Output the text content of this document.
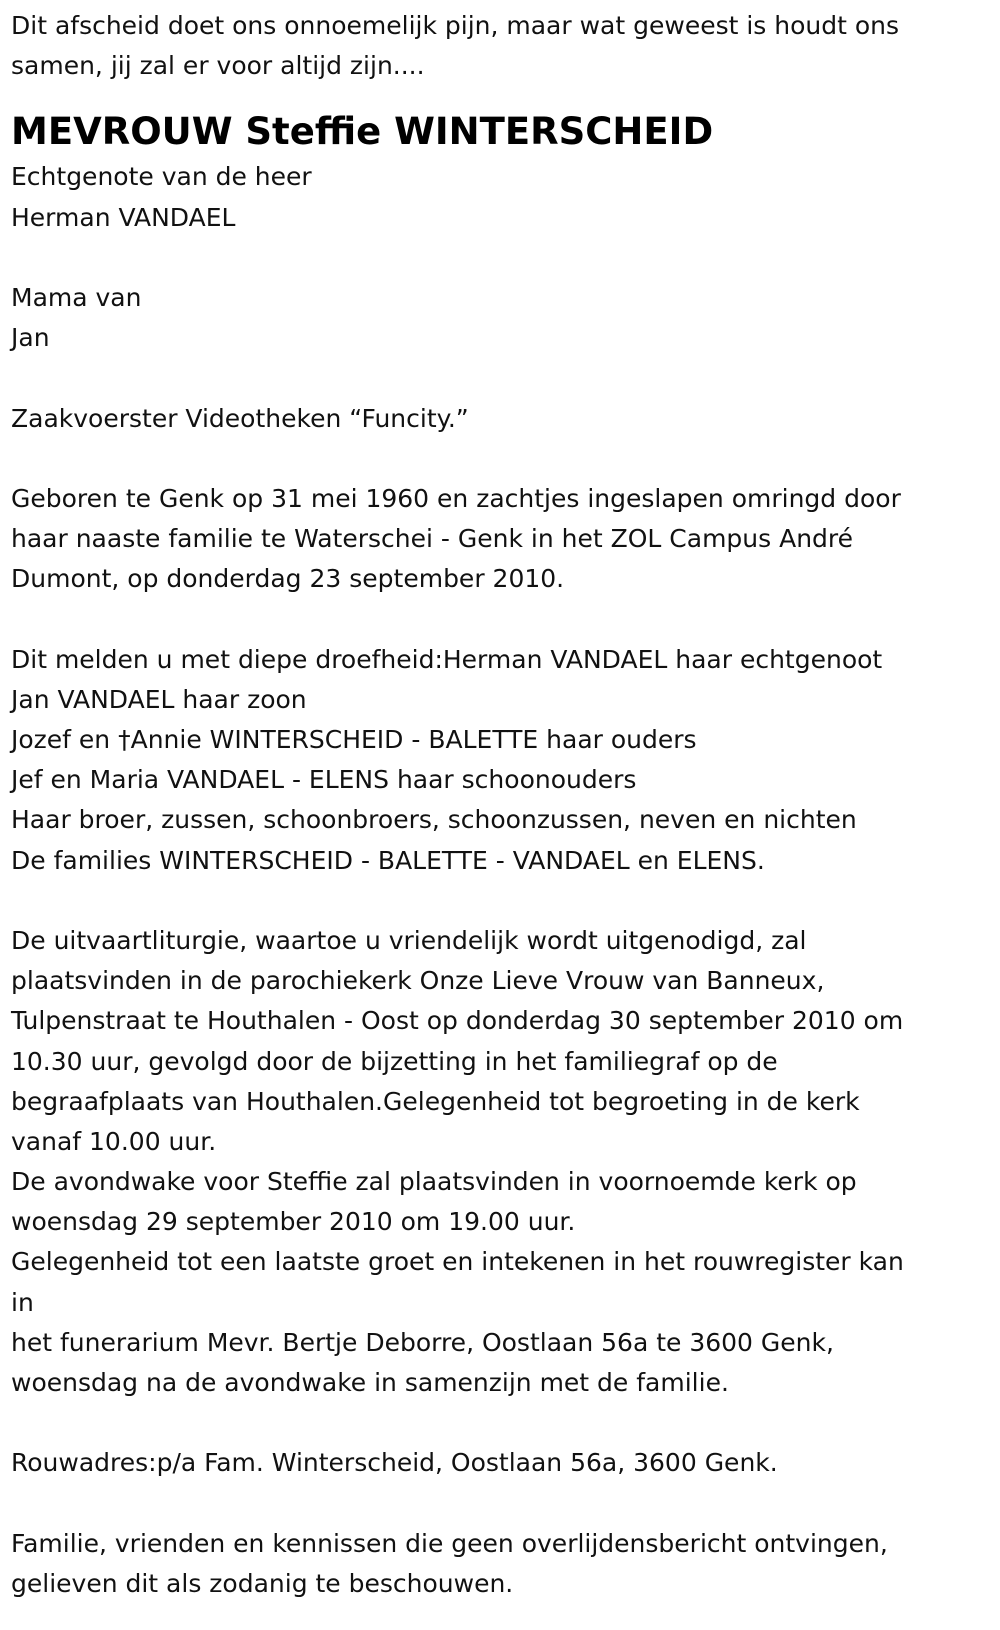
Dit afscheid doet ons onnoemelijk pijn, maar wat geweest is houdt ons
samen, jij zal er voor altijd zijn....
MEVROUW Steffie WINTERSCHEID
Echtgenote van de heer
Herman VANDAEL
Mama van
Jan
Zaakvoerster Videotheken “Funcity.”
Geboren te Genk op 31 mei 1960 en zachtjes ingeslapen omringd door
haar naaste familie te Waterschei - Genk in het ZOL Campus André
Dumont, op donderdag 23 september 2010.
Dit melden u met diepe droefheid:Herman VANDAEL haar echtgenoot
Jan VANDAEL haar zoon
Jozef en †Annie WINTERSCHEID - BALETTE haar ouders
Jef en Maria VANDAEL - ELENS haar schoonouders
Haar broer, zussen, schoonbroers, schoonzussen, neven en nichten
De families WINTERSCHEID - BALETTE - VANDAEL en ELENS.
De uitvaartliturgie, waartoe u vriendelijk wordt uitgenodigd, zal
plaatsvinden in de parochiekerk Onze Lieve Vrouw van Banneux,
Tulpenstraat te Houthalen - Oost op donderdag 30 september 2010 om
10.30 uur, gevolgd door de bijzetting in het familiegraf op de
begraafplaats van Houthalen.Gelegenheid tot begroeting in de kerk
vanaf 10.00 uur.
De avondwake voor Steffie zal plaatsvinden in voornoemde kerk op
woensdag 29 september 2010 om 19.00 uur.
Gelegenheid tot een laatste groet en intekenen in het rouwregister kan
in
het funerarium Mevr. Bertje Deborre, Oostlaan 56a te 3600 Genk,
woensdag na de avondwake in samenzijn met de familie.
Rouwadres:p/a Fam. Winterscheid, Oostlaan 56a, 3600 Genk.
Familie, vrienden en kennissen die geen overlijdensbericht ontvingen,
gelieven dit als zodanig te beschouwen.
